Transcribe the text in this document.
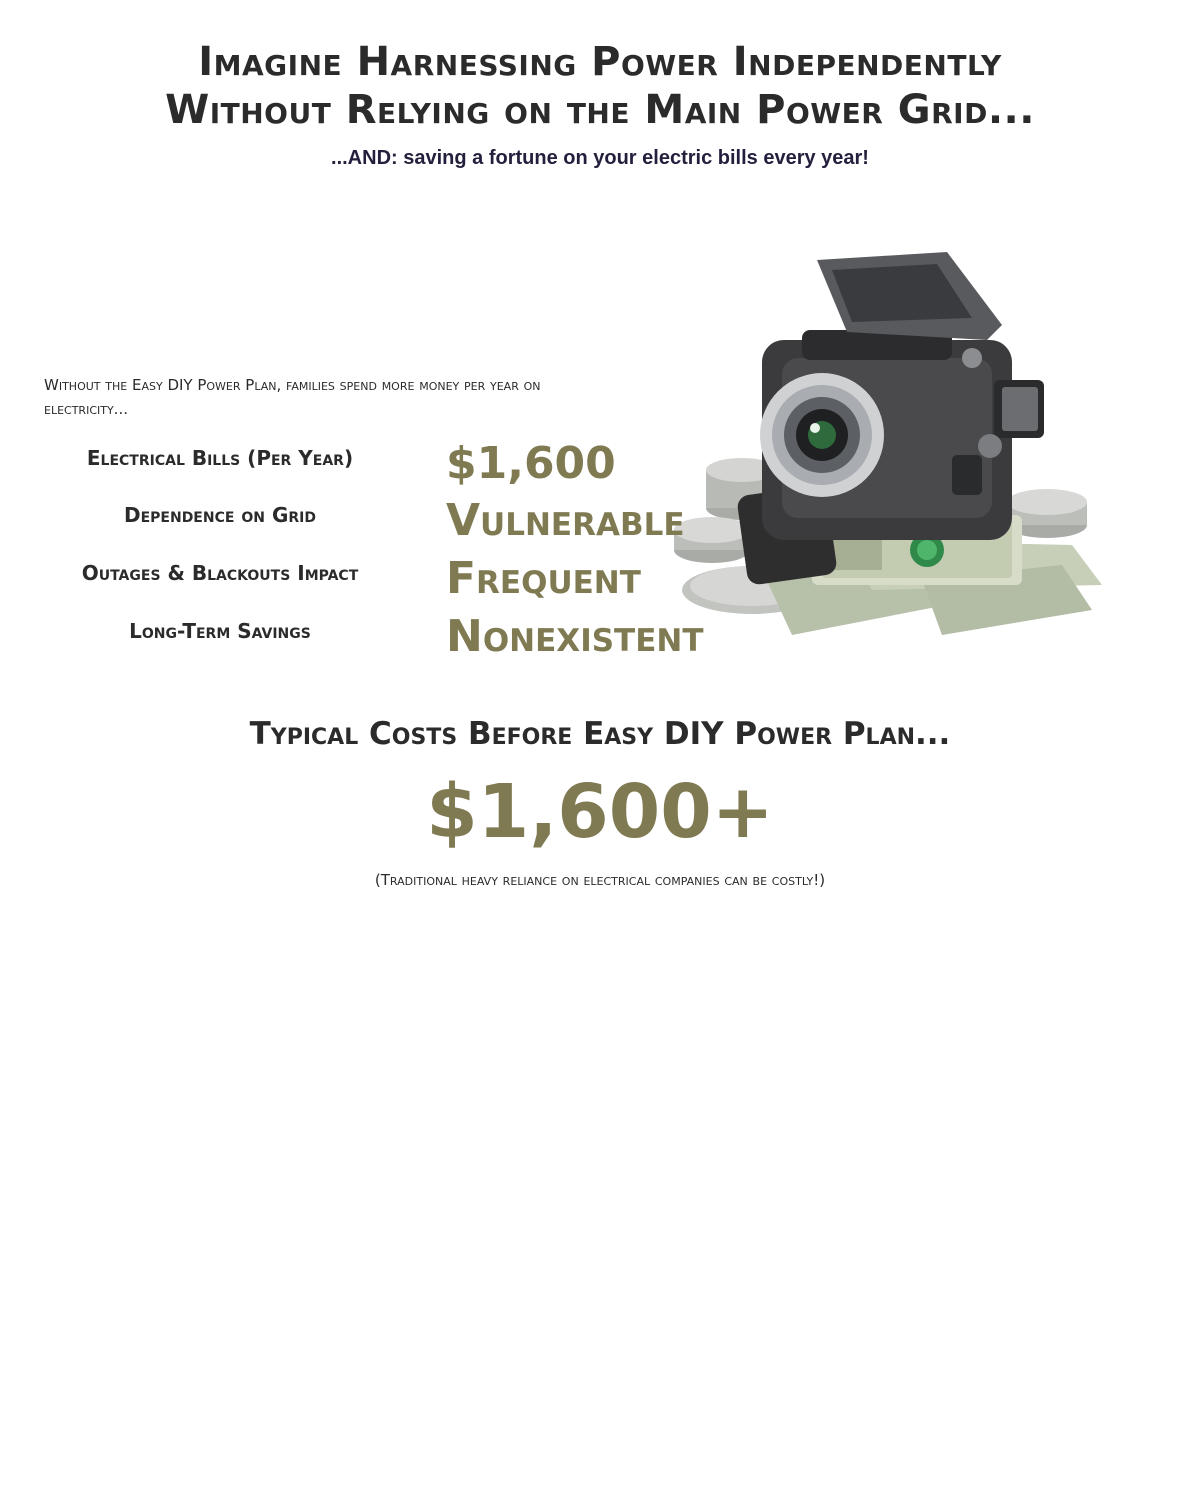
Imagine Harnessing Power Independently
Without Relying on the Main Power Grid...
...AND: saving a fortune on your electric bills every year!
Without the Easy DIY Power Plan, families spend more money per year on electricity...
Electrical Bills (Per Year)	$1,600
Dependence on Grid	Vulnerable
Outages & Blackouts Impact	Frequent
Long-Term Savings	Nonexistent
Typical Costs Before Easy DIY Power Plan...
$1,600+
(Traditional heavy reliance on electrical companies can be costly!)
